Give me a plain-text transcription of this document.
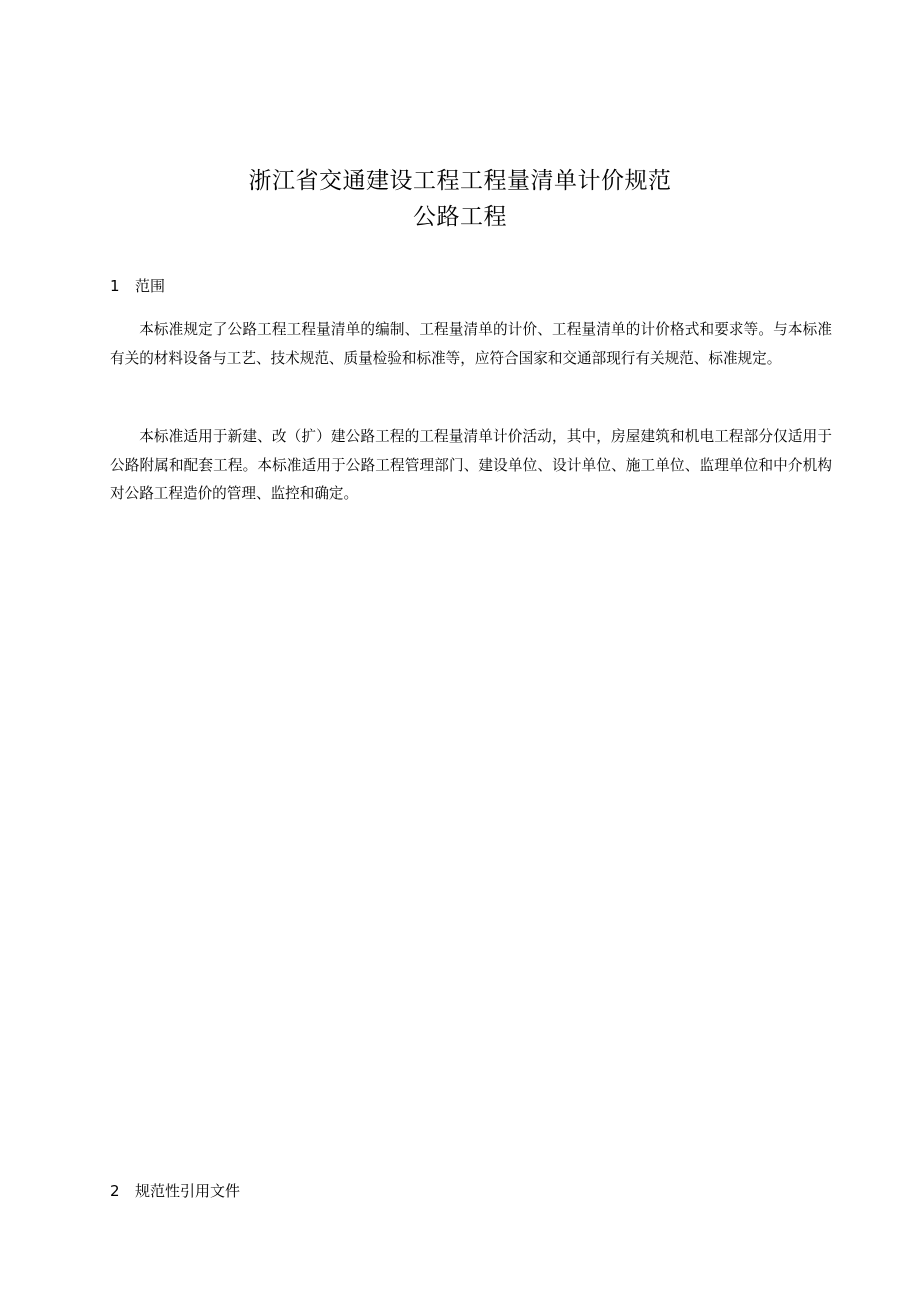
浙江省交通建设工程工程量清单计价规范
公路工程
1 范围

本标准规定了公路工程工程量清单的编制、工程量清单的计价、工程量清单的计价格式和要求等。与本标准有关的材料设备与工艺、技术规范、质量检验和标准等，应符合国家和交通部现行有关规范、标准规定。

本标准适用于新建、改（扩）建公路工程的工程量清单计价活动，其中，房屋建筑和机电工程部分仅适用于公路附属和配套工程。本标准适用于公路工程管理部门、建设单位、设计单位、施工单位、监理单位和中介机构对公路工程造价的管理、监控和确定。

2 规范性引用文件
